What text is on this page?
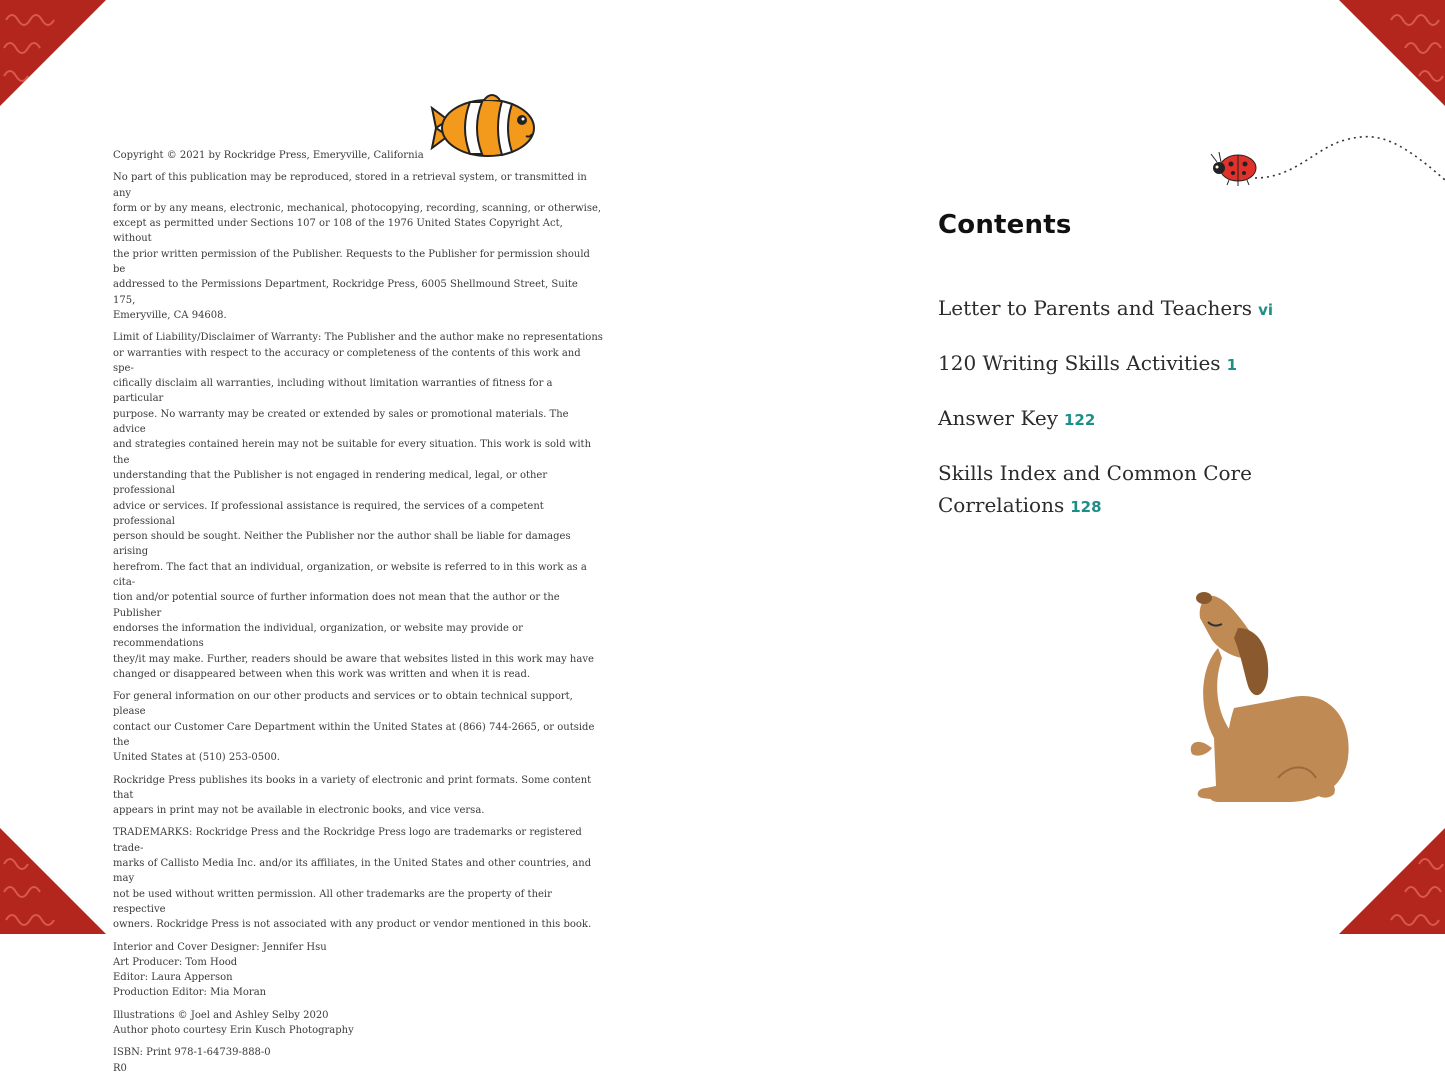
Copyright © 2021 by Rockridge Press, Emeryville, California

No part of this publication may be reproduced, stored in a retrieval system, or transmitted in any
form or by any means, electronic, mechanical, photocopying, recording, scanning, or otherwise,
except as permitted under Sections 107 or 108 of the 1976 United States Copyright Act, without
the prior written permission of the Publisher. Requests to the Publisher for permission should be
addressed to the Permissions Department, Rockridge Press, 6005 Shellmound Street, Suite 175,
Emeryville, CA 94608.

Limit of Liability/Disclaimer of Warranty: The Publisher and the author make no representations
or warranties with respect to the accuracy or completeness of the contents of this work and spe-
cifically disclaim all warranties, including without limitation warranties of fitness for a particular
purpose. No warranty may be created or extended by sales or promotional materials. The advice
and strategies contained herein may not be suitable for every situation. This work is sold with the
understanding that the Publisher is not engaged in rendering medical, legal, or other professional
advice or services. If professional assistance is required, the services of a competent professional
person should be sought. Neither the Publisher nor the author shall be liable for damages arising
herefrom. The fact that an individual, organization, or website is referred to in this work as a cita-
tion and/or potential source of further information does not mean that the author or the Publisher
endorses the information the individual, organization, or website may provide or recommendations
they/it may make. Further, readers should be aware that websites listed in this work may have
changed or disappeared between when this work was written and when it is read.

For general information on our other products and services or to obtain technical support, please
contact our Customer Care Department within the United States at (866) 744-2665, or outside the
United States at (510) 253-0500.

Rockridge Press publishes its books in a variety of electronic and print formats. Some content that
appears in print may not be available in electronic books, and vice versa.

TRADEMARKS: Rockridge Press and the Rockridge Press logo are trademarks or registered trade-
marks of Callisto Media Inc. and/or its affiliates, in the United States and other countries, and may
not be used without written permission. All other trademarks are the property of their respective
owners. Rockridge Press is not associated with any product or vendor mentioned in this book.

Interior and Cover Designer: Jennifer Hsu
Art Producer: Tom Hood
Editor: Laura Apperson
Production Editor: Mia Moran

Illustrations © Joel and Ashley Selby 2020
Author photo courtesy Erin Kusch Photography

ISBN: Print 978-1-64739-888-0
R0

Contents
Letter to Parents and Teachers vi
120 Writing Skills Activities 1
Answer Key 122
Skills Index and Common Core Correlations 128
